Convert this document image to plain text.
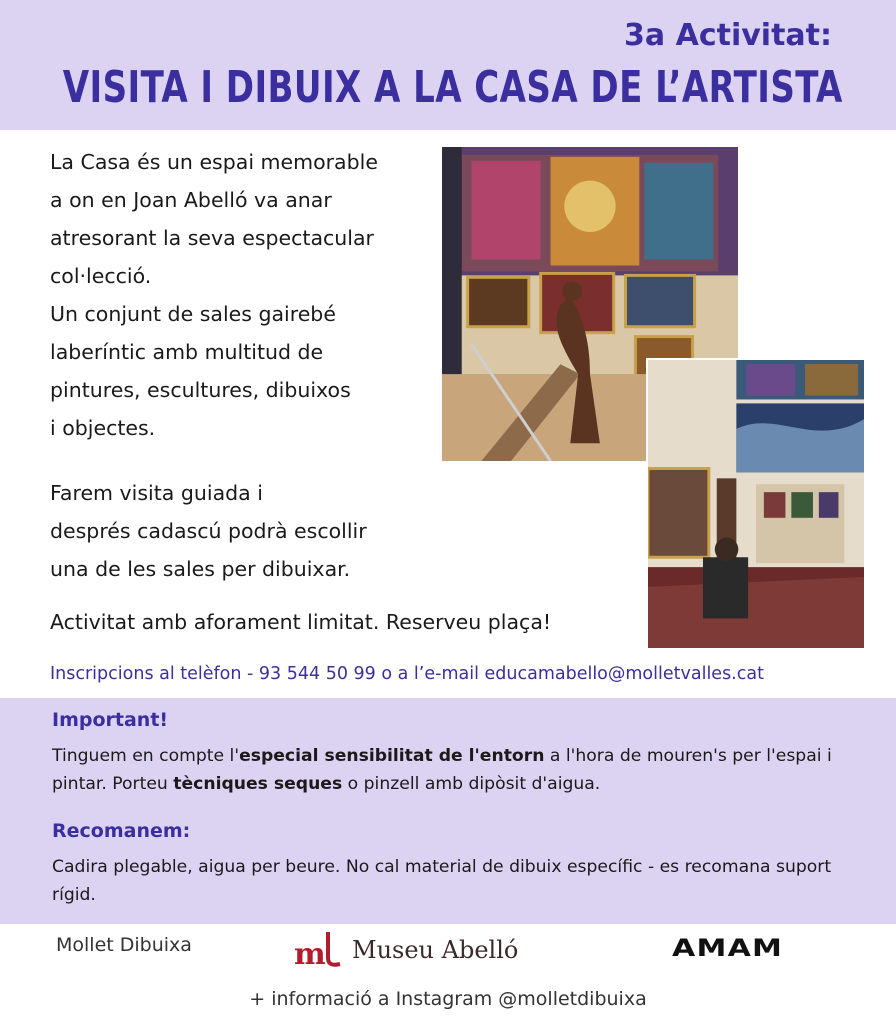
3a Activitat:
VISITA I DIBUIX A LA CASA DE L’ARTISTA
La Casa és un espai memorable
a on en Joan Abelló va anar
atresorant la seva espectacular
col·lecció.
Un conjunt de sales gairebé
laberíntic amb multitud de
pintures, escultures, dibuixos
i objectes.
Farem visita guiada i
després cadascú podrà escollir
una de les sales per dibuixar.
Activitat amb aforament limitat. Reserveu plaça!
Inscripcions al telèfon - 93 544 50 99 o a l’e-mail educamabello@molletvalles.cat
Important!
Tinguem en compte l'especial sensibilitat de l'entorn a l'hora de mouren's per l'espai i pintar. Porteu tècniques seques o pinzell amb dipòsit d'aigua.
Recomanem:
Cadira plegable, aigua per beure. No cal material de dibuix específic - es recomana suport rígid.
Mollet Dibuixa	m Museu Abelló	AMAM
+ informació a Instagram @molletdibuixa
